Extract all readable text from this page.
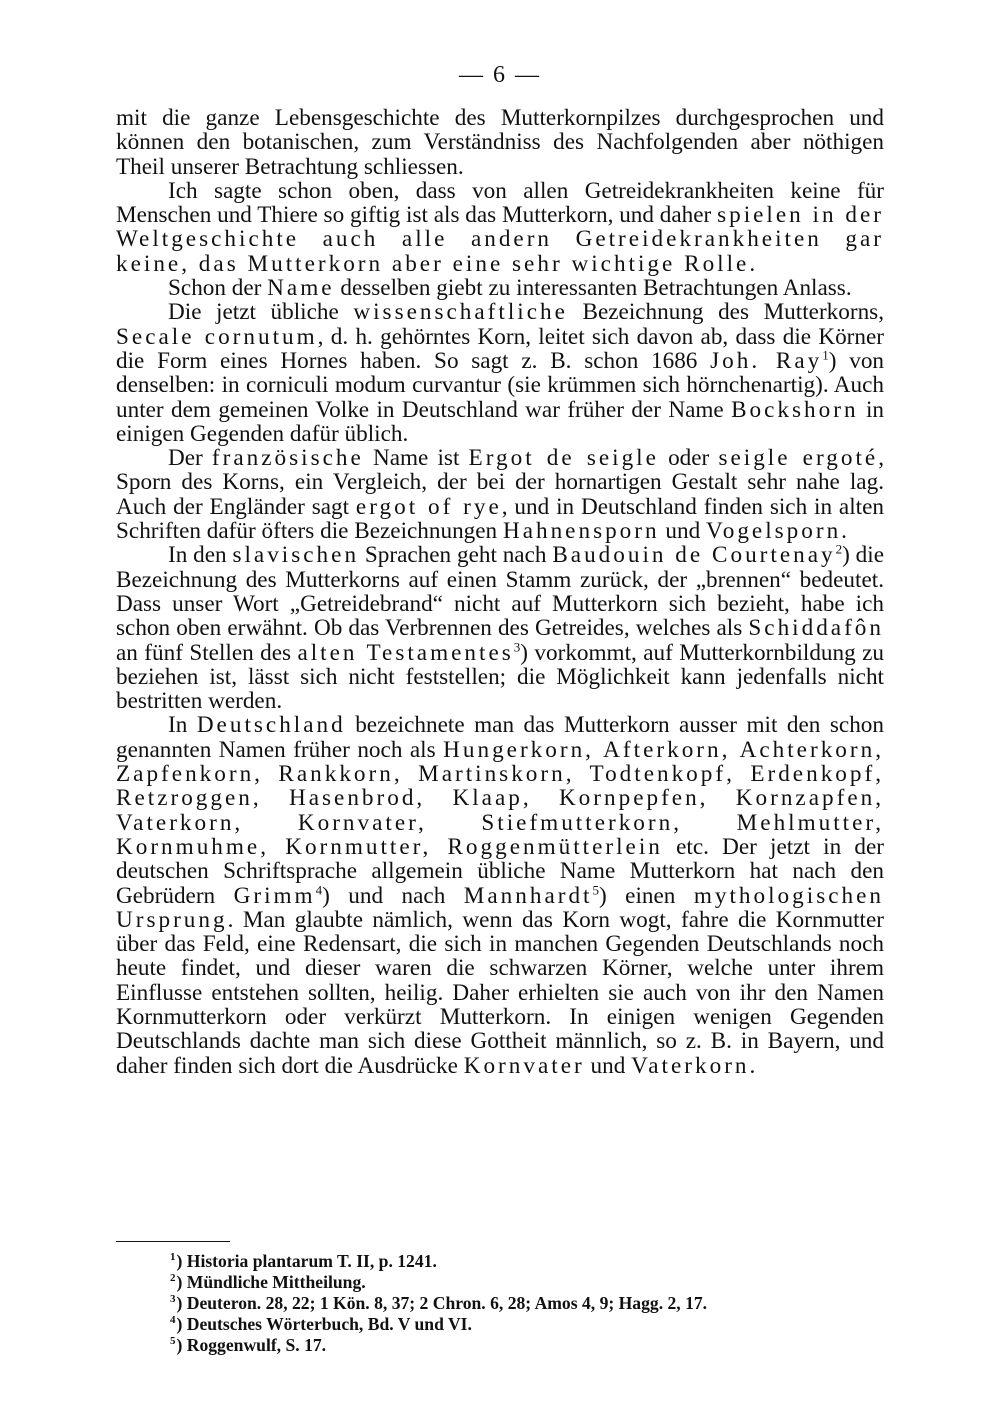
— 6 —

mit die ganze Lebensgeschichte des Mutterkornpilzes durchgesprochen und können den botanischen, zum Verständniss des Nachfolgenden aber nöthigen Theil unserer Betrachtung schliessen.

Ich sagte schon oben, dass von allen Getreidekrankheiten keine für Menschen und Thiere so giftig ist als das Mutterkorn, und daher spielen in der Weltgeschichte auch alle andern Getreidekrankheiten gar keine, das Mutterkorn aber eine sehr wichtige Rolle.

Schon der Name desselben giebt zu interessanten Betrachtungen Anlass.

Die jetzt übliche wissenschaftliche Bezeichnung des Mutterkorns, Secale cornutum, d. h. gehörntes Korn, leitet sich davon ab, dass die Körner die Form eines Hornes haben. So sagt z. B. schon 1686 Joh. Ray$^1$) von denselben: in corniculi modum curvantur (sie krümmen sich hörnchenartig). Auch unter dem gemeinen Volke in Deutschland war früher der Name Bockshorn in einigen Gegenden dafür üblich.

Der französische Name ist Ergot de seigle oder seigle ergoté, Sporn des Korns, ein Vergleich, der bei der hornartigen Gestalt sehr nahe lag. Auch der Engländer sagt ergot of rye, und in Deutschland finden sich in alten Schriften dafür öfters die Bezeichnungen Hahnensporn und Vogelsporn.

In den slavischen Sprachen geht nach Baudouin de Courtenay$^2$) die Bezeichnung des Mutterkorns auf einen Stamm zurück, der „brennen“ bedeutet. Dass unser Wort „Getreidebrand“ nicht auf Mutterkorn sich bezieht, habe ich schon oben erwähnt. Ob das Verbrennen des Getreides, welches als Schiddafôn an fünf Stellen des alten Testamentes$^3$) vorkommt, auf Mutterkornbildung zu beziehen ist, lässt sich nicht feststellen; die Möglichkeit kann jedenfalls nicht bestritten werden.

In Deutschland bezeichnete man das Mutterkorn ausser mit den schon genannten Namen früher noch als Hungerkorn, Afterkorn, Achterkorn, Zapfenkorn, Rankkorn, Martinskorn, Todtenkopf, Erdenkopf, Retzroggen, Hasenbrod, Klaap, Kornpepfen, Kornzapfen, Vaterkorn, Kornvater, Stiefmutterkorn, Mehlmutter, Kornmuhme, Kornmutter, Roggenmütterlein etc. Der jetzt in der deutschen Schriftsprache allgemein übliche Name Mutterkorn hat nach den Gebrüdern Grimm$^4$) und nach Mannhardt$^5$) einen mythologischen Ursprung. Man glaubte nämlich, wenn das Korn wogt, fahre die Kornmutter über das Feld, eine Redensart, die sich in manchen Gegenden Deutschlands noch heute findet, und dieser waren die schwarzen Körner, welche unter ihrem Einflusse entstehen sollten, heilig. Daher erhielten sie auch von ihr den Namen Kornmutterkorn oder verkürzt Mutterkorn. In einigen wenigen Gegenden Deutschlands dachte man sich diese Gottheit männlich, so z. B. in Bayern, und daher finden sich dort die Ausdrücke Kornvater und Vaterkorn.

$^1$) Historia plantarum T. II, p. 1241.
$^2$) Mündliche Mittheilung.
$^3$) Deuteron. 28, 22; 1 Kön. 8, 37; 2 Chron. 6, 28; Amos 4, 9; Hagg. 2, 17.
$^4$) Deutsches Wörterbuch, Bd. V und VI.
$^5$) Roggenwulf, S. 17.
